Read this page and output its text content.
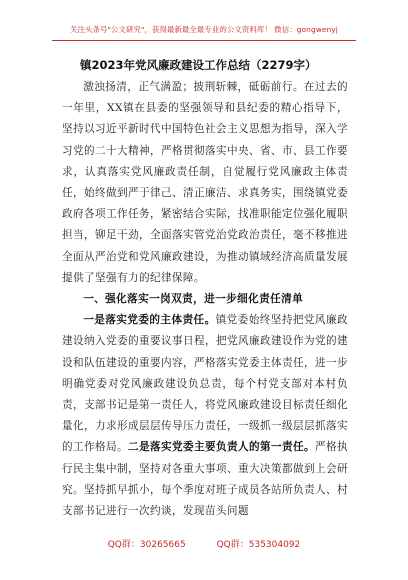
关注头条号"公文研究"，获得最新最全最专业的公文资料库！ 微信：gongwenyj
镇2023年党风廉政建设工作总结（2279字）

激浊扬清，正气满盈；披荆斩棘，砥砺前行。在过去的一年里，XX镇在县委的坚强领导和县纪委的精心指导下，坚持以习近平新时代中国特色社会主义思想为指导，深入学习党的二十大精神，严格贯彻落实中央、省、市、县工作要求，认真落实党风廉政责任制，自觉履行党风廉政主体责任，始终做到严于律己、清正廉洁、求真务实，围绕镇党委政府各项工作任务，紧密结合实际，找准职能定位强化履职担当，铆足干劲，全面落实管党治党政治责任，毫不移推进全面从严治党和党风廉政建设，为推动镇域经济高质量发展提供了坚强有力的纪律保障。

一、强化落实一岗双责，进一步细化责任清单

一是落实党委的主体责任。镇党委始终坚持把党风廉政建设纳入党委的重要议事日程，把党风廉政建设作为党的建设和队伍建设的重要内容，严格落实党委主体责任，进一步明确党委对党风廉政建设负总责，每个村党支部对本村负责，支部书记是第一责任人，将党风廉政建设目标责任细化量化，力求形成层层传导压力责任，一级抓一级层层抓落实的工作格局。二是落实党委主要负责人的第一责任。严格执行民主集中制，坚持对各重大事项、重大决策都做到上会研究。坚持抓早抓小，每个季度对班子成员各站所负责人、村支部书记进行一次约谈，发现苗头问题

QQ群：30265665	QQ群：535304092
